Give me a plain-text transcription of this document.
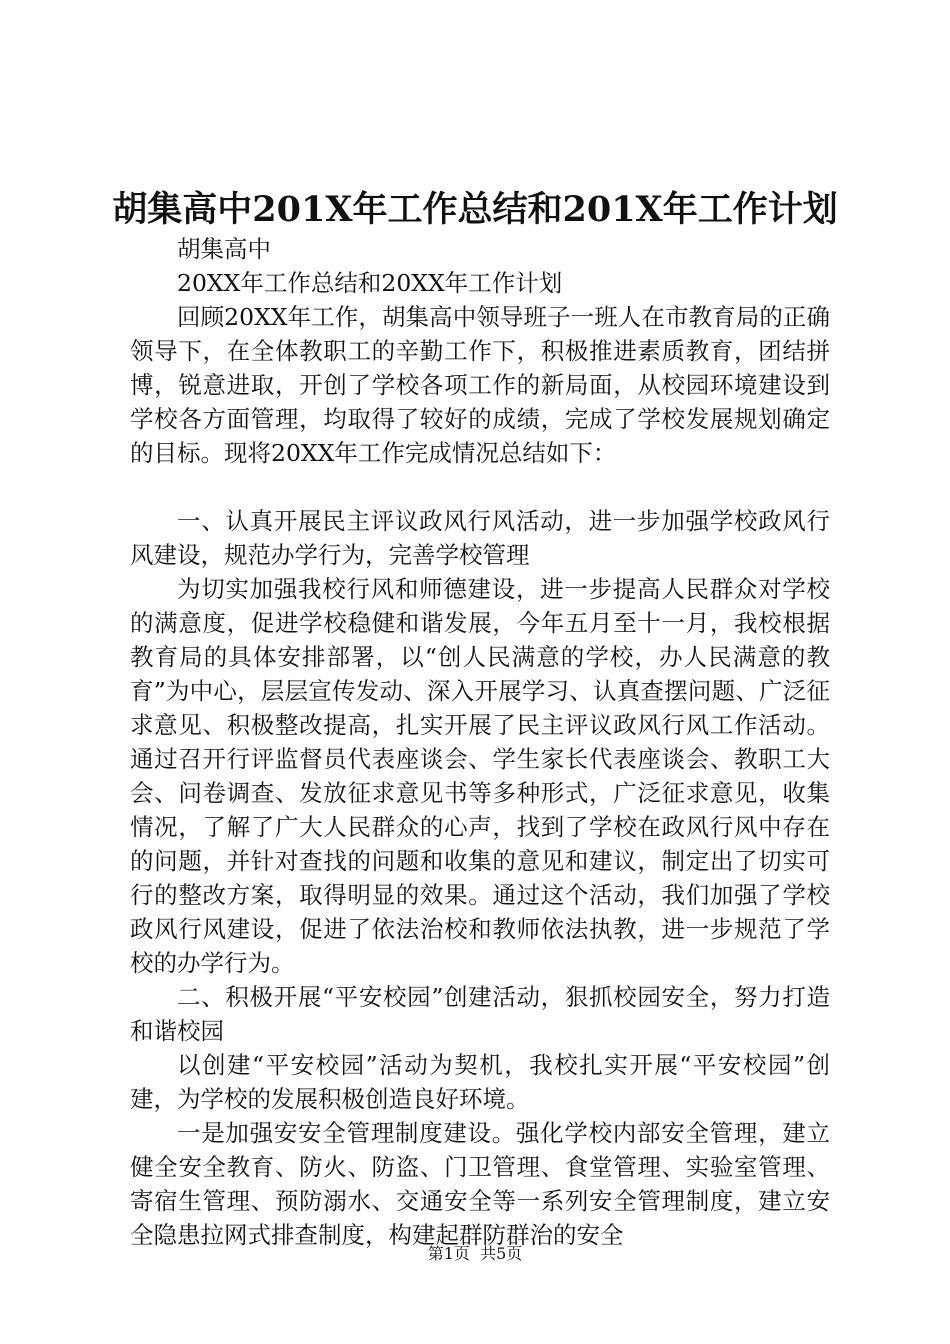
胡集高中201X年工作总结和201X年工作计划

胡集高中

20XX年工作总结和20XX年工作计划

回顾20XX年工作，胡集高中领导班子一班人在市教育局的正确领导下，在全体教职工的辛勤工作下，积极推进素质教育，团结拼博，锐意进取，开创了学校各项工作的新局面，从校园环境建设到学校各方面管理，均取得了较好的成绩，完成了学校发展规划确定的目标。现将20XX年工作完成情况总结如下：

一、认真开展民主评议政风行风活动，进一步加强学校政风行风建设，规范办学行为，完善学校管理

为切实加强我校行风和师德建设，进一步提高人民群众对学校的满意度，促进学校稳健和谐发展，今年五月至十一月，我校根据教育局的具体安排部署，以“创人民满意的学校，办人民满意的教育”为中心，层层宣传发动、深入开展学习、认真查摆问题、广泛征求意见、积极整改提高，扎实开展了民主评议政风行风工作活动。通过召开行评监督员代表座谈会、学生家长代表座谈会、教职工大会、问卷调查、发放征求意见书等多种形式，广泛征求意见，收集情况，了解了广大人民群众的心声，找到了学校在政风行风中存在的问题，并针对查找的问题和收集的意见和建议，制定出了切实可行的整改方案，取得明显的效果。通过这个活动，我们加强了学校政风行风建设，促进了依法治校和教师依法执教，进一步规范了学校的办学行为。

二、积极开展“平安校园”创建活动，狠抓校园安全，努力打造和谐校园

以创建“平安校园”活动为契机，我校扎实开展“平安校园”创建，为学校的发展积极创造良好环境。

一是加强安安全管理制度建设。强化学校内部安全管理，建立健全安全教育、防火、防盗、门卫管理、食堂管理、实验室管理、寄宿生管理、预防溺水、交通安全等一系列安全管理制度，建立安全隐患拉网式排查制度，构建起群防群治的安全

第1页 共5页
